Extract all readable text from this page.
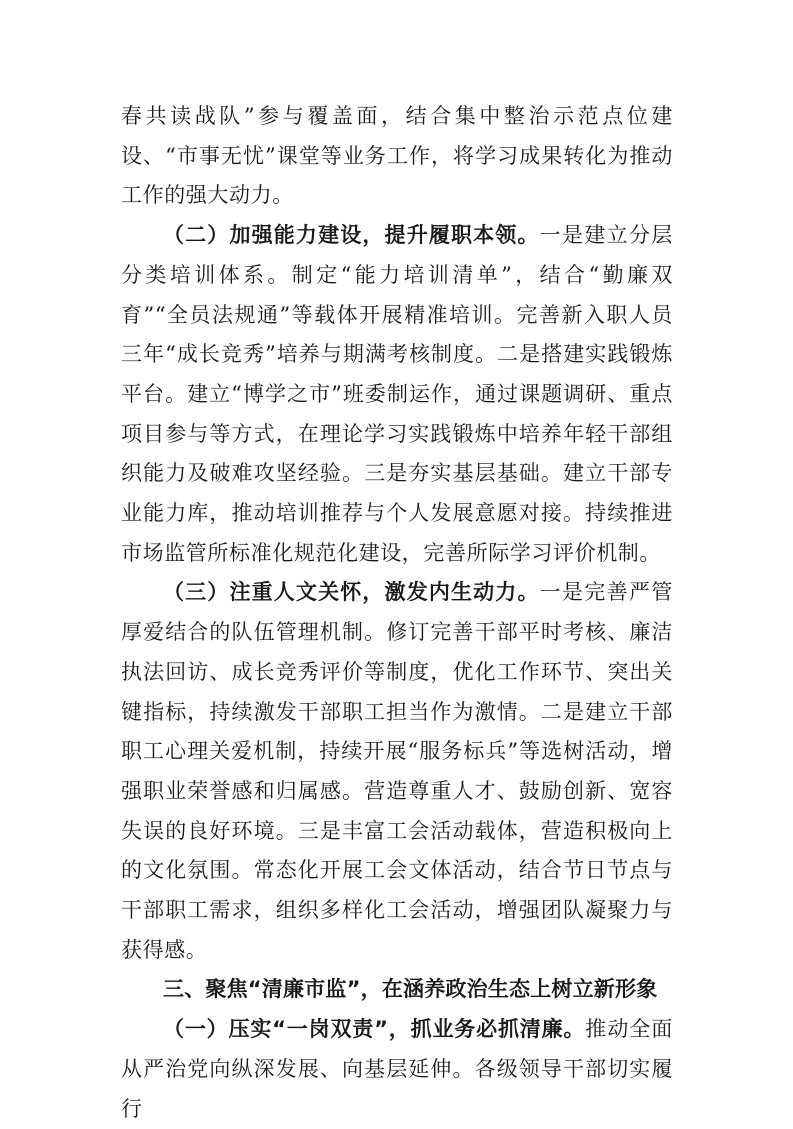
春共读战队”参与覆盖面，结合集中整治示范点位建设、“市事无忧”课堂等业务工作，将学习成果转化为推动工作的强大动力。

（二）加强能力建设，提升履职本领。一是建立分层分类培训体系。制定“能力培训清单”，结合“勤廉双育”“全员法规通”等载体开展精准培训。完善新入职人员三年“成长竞秀”培养与期满考核制度。二是搭建实践锻炼平台。建立“博学之市”班委制运作，通过课题调研、重点项目参与等方式，在理论学习实践锻炼中培养年轻干部组织能力及破难攻坚经验。三是夯实基层基础。建立干部专业能力库，推动培训推荐与个人发展意愿对接。持续推进市场监管所标准化规范化建设，完善所际学习评价机制。

（三）注重人文关怀，激发内生动力。一是完善严管厚爱结合的队伍管理机制。修订完善干部平时考核、廉洁执法回访、成长竞秀评价等制度，优化工作环节、突出关键指标，持续激发干部职工担当作为激情。二是建立干部职工心理关爱机制，持续开展“服务标兵”等选树活动，增强职业荣誉感和归属感。营造尊重人才、鼓励创新、宽容失误的良好环境。三是丰富工会活动载体，营造积极向上的文化氛围。常态化开展工会文体活动，结合节日节点与干部职工需求，组织多样化工会活动，增强团队凝聚力与获得感。

三、聚焦“清廉市监”，在涵养政治生态上树立新形象

（一）压实“一岗双责”，抓业务必抓清廉。推动全面从严治党向纵深发展、向基层延伸。各级领导干部切实履行
